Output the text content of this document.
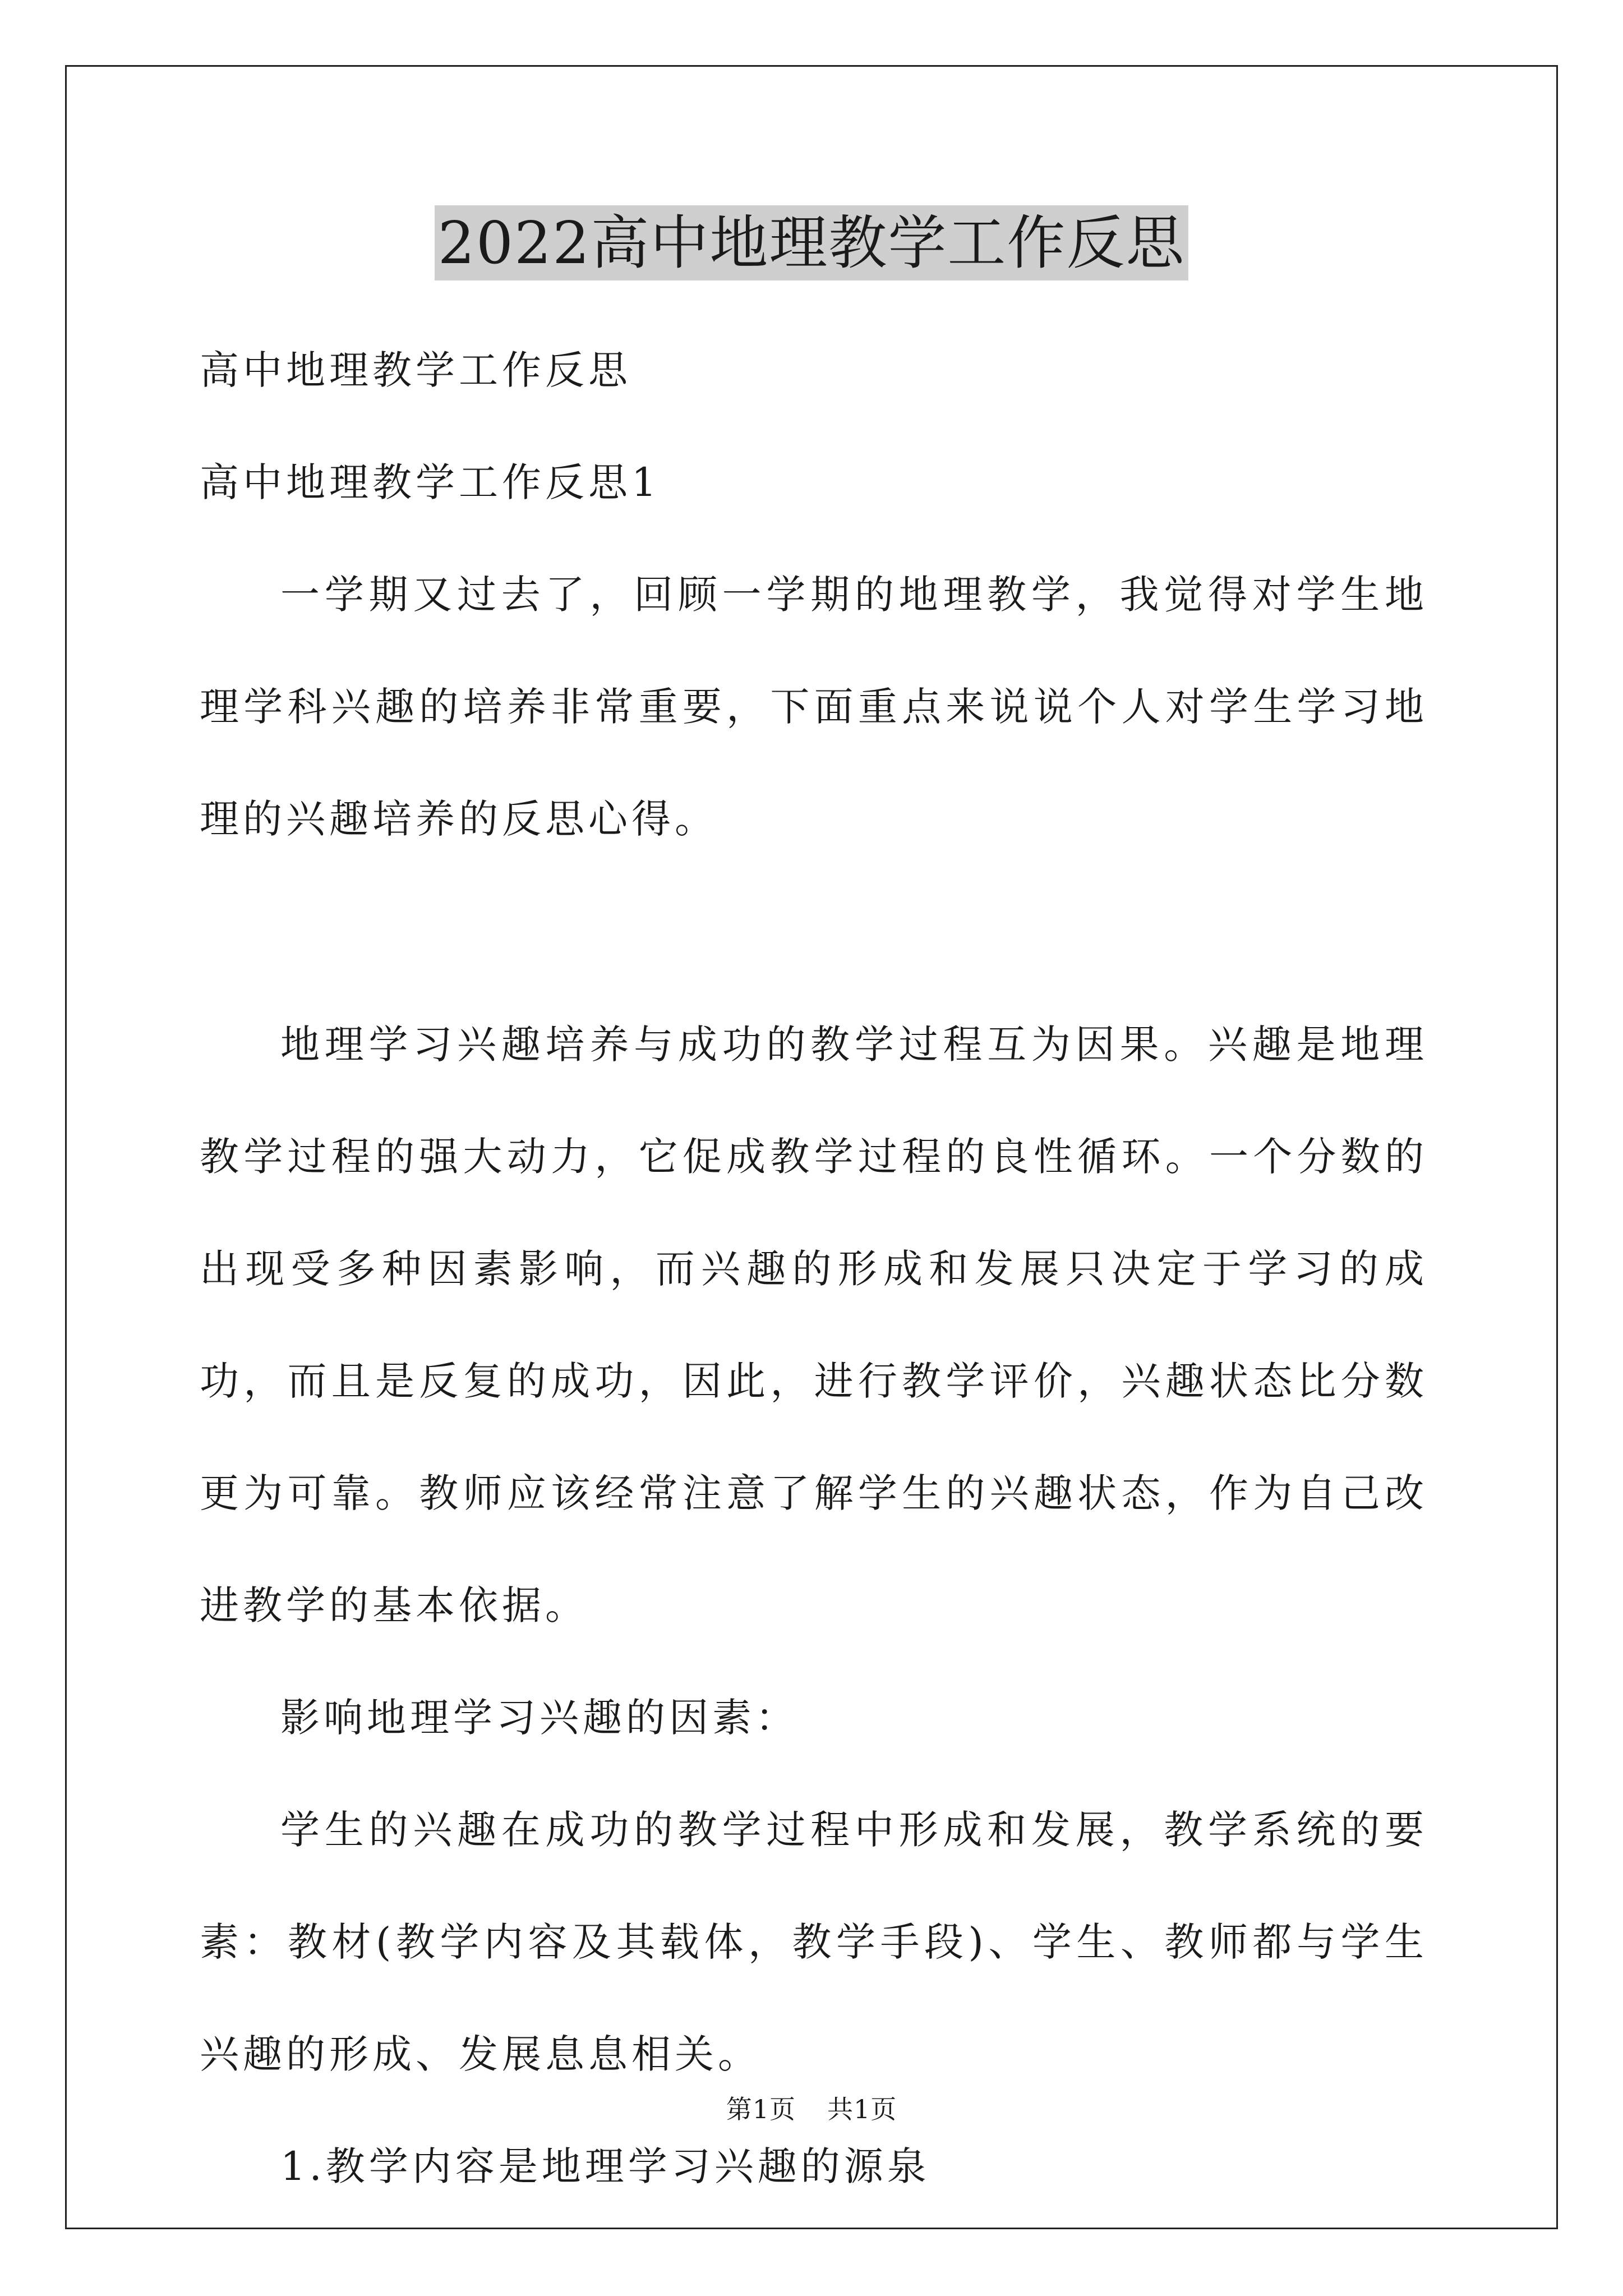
2022高中地理教学工作反思

高中地理教学工作反思

高中地理教学工作反思1

一学期又过去了，回顾一学期的地理教学，我觉得对学生地理学科兴趣的培养非常重要，下面重点来说说个人对学生学习地理的兴趣培养的反思心得。

地理学习兴趣培养与成功的教学过程互为因果。兴趣是地理教学过程的强大动力，它促成教学过程的良性循环。一个分数的出现受多种因素影响，而兴趣的形成和发展只决定于学习的成功，而且是反复的成功，因此，进行教学评价，兴趣状态比分数更为可靠。教师应该经常注意了解学生的兴趣状态，作为自己改进教学的基本依据。

影响地理学习兴趣的因素：

学生的兴趣在成功的教学过程中形成和发展，教学系统的要素：教材(教学内容及其载体，教学手段)、学生、教师都与学生兴趣的形成、发展息息相关。

1.教学内容是地理学习兴趣的源泉

第1页 共1页
